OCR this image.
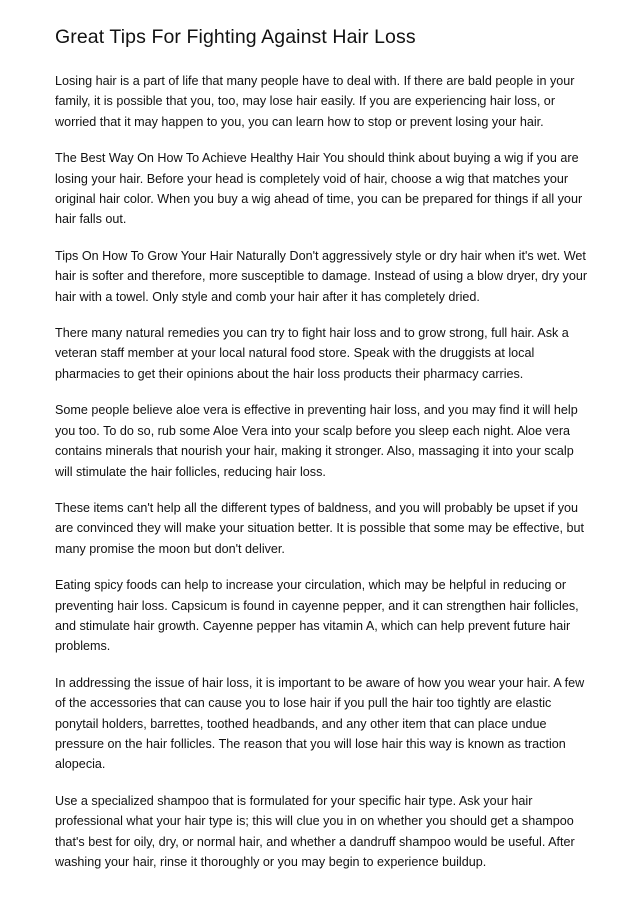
Great Tips For Fighting Against Hair Loss

Losing hair is a part of life that many people have to deal with. If there are bald people in your family, it is possible that you, too, may lose hair easily. If you are experiencing hair loss, or worried that it may happen to you, you can learn how to stop or prevent losing your hair.

The Best Way On How To Achieve Healthy Hair You should think about buying a wig if you are losing your hair. Before your head is completely void of hair, choose a wig that matches your original hair color. When you buy a wig ahead of time, you can be prepared for things if all your hair falls out.

Tips On How To Grow Your Hair Naturally Don't aggressively style or dry hair when it's wet. Wet hair is softer and therefore, more susceptible to damage. Instead of using a blow dryer, dry your hair with a towel. Only style and comb your hair after it has completely dried.

There many natural remedies you can try to fight hair loss and to grow strong, full hair. Ask a veteran staff member at your local natural food store. Speak with the druggists at local pharmacies to get their opinions about the hair loss products their pharmacy carries.

Some people believe aloe vera is effective in preventing hair loss, and you may find it will help you too. To do so, rub some Aloe Vera into your scalp before you sleep each night. Aloe vera contains minerals that nourish your hair, making it stronger. Also, massaging it into your scalp will stimulate the hair follicles, reducing hair loss.

These items can't help all the different types of baldness, and you will probably be upset if you are convinced they will make your situation better. It is possible that some may be effective, but many promise the moon but don't deliver.

Eating spicy foods can help to increase your circulation, which may be helpful in reducing or preventing hair loss. Capsicum is found in cayenne pepper, and it can strengthen hair follicles, and stimulate hair growth. Cayenne pepper has vitamin A, which can help prevent future hair problems.

In addressing the issue of hair loss, it is important to be aware of how you wear your hair. A few of the accessories that can cause you to lose hair if you pull the hair too tightly are elastic ponytail holders, barrettes, toothed headbands, and any other item that can place undue pressure on the hair follicles. The reason that you will lose hair this way is known as traction alopecia.

Use a specialized shampoo that is formulated for your specific hair type. Ask your hair professional what your hair type is; this will clue you in on whether you should get a shampoo that's best for oily, dry, or normal hair, and whether a dandruff shampoo would be useful. After washing your hair, rinse it thoroughly or you may begin to experience buildup.
